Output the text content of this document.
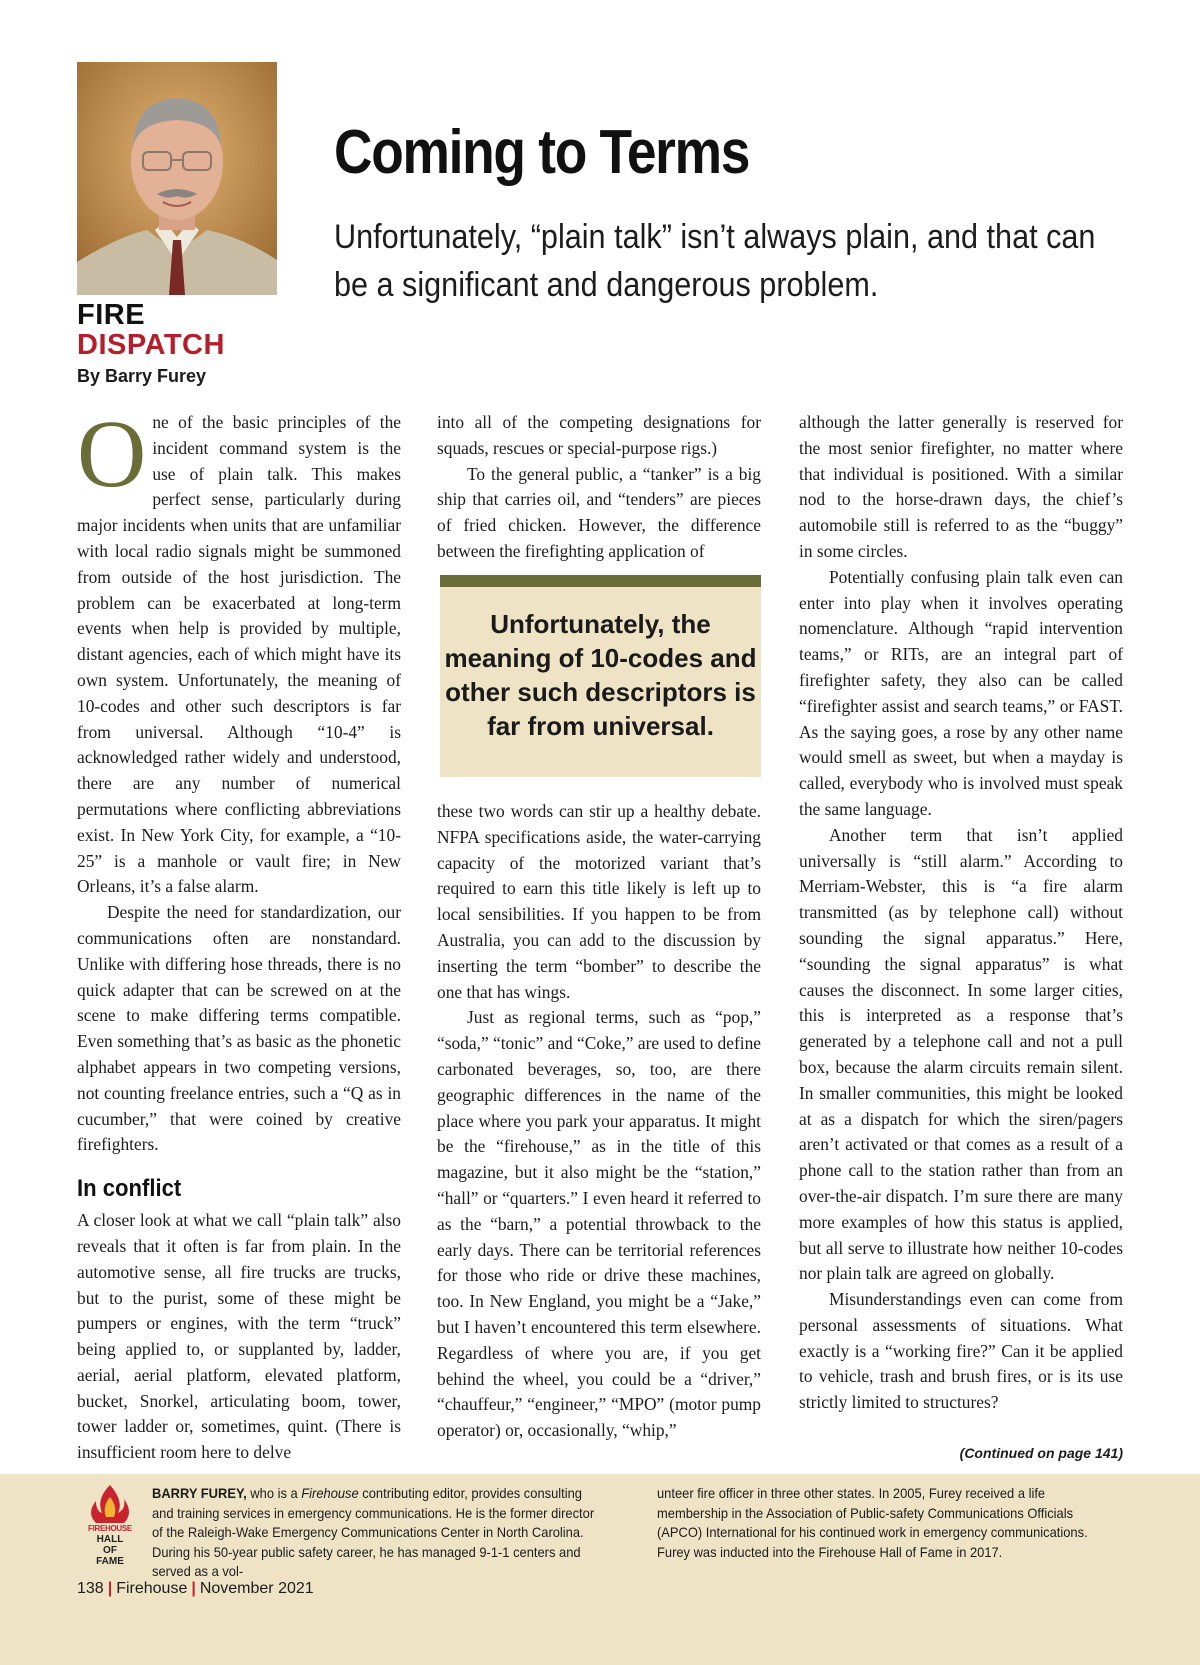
FIRE
DISPATCH
By Barry Furey
Coming to Terms
Unfortunately, “plain talk” isn’t always plain, and that can be a significant and dangerous problem.

One of the basic principles of the incident command system is the use of plain talk. This makes perfect sense, particularly during major incidents when units that are unfamiliar with local radio signals might be summoned from outside of the host jurisdiction. The problem can be exacerbated at long-term events when help is provided by multiple, distant agencies, each of which might have its own system. Unfortunately, the meaning of 10-codes and other such descriptors is far from universal. Although “10-4” is acknowledged rather widely and understood, there are any number of numerical permutations where conflicting abbreviations exist. In New York City, for example, a “10-25” is a manhole or vault fire; in New Orleans, it’s a false alarm.

Despite the need for standardization, our communications often are nonstandard. Unlike with differing hose threads, there is no quick adapter that can be screwed on at the scene to make differing terms compatible. Even something that’s as basic as the phonetic alphabet appears in two competing versions, not counting freelance entries, such a “Q as in cucumber,” that were coined by creative firefighters.

In conflict

A closer look at what we call “plain talk” also reveals that it often is far from plain. In the automotive sense, all fire trucks are trucks, but to the purist, some of these might be pumpers or engines, with the term “truck” being applied to, or supplanted by, ladder, aerial, aerial platform, elevated platform, bucket, Snorkel, articulating boom, tower, tower ladder or, sometimes, quint. (There is insufficient room here to delve

into all of the competing designations for squads, rescues or special-purpose rigs.)

To the general public, a “tanker” is a big ship that carries oil, and “tenders” are pieces of fried chicken. However, the difference between the firefighting application of

Unfortunately, the meaning of 10-codes and other such descriptors is far from universal.

these two words can stir up a healthy debate. NFPA specifications aside, the water-carrying capacity of the motorized variant that’s required to earn this title likely is left up to local sensibilities. If you happen to be from Australia, you can add to the discussion by inserting the term “bomber” to describe the one that has wings.

Just as regional terms, such as “pop,” “soda,” “tonic” and “Coke,” are used to define carbonated beverages, so, too, are there geographic differences in the name of the place where you park your apparatus. It might be the “firehouse,” as in the title of this magazine, but it also might be the “station,” “hall” or “quarters.” I even heard it referred to as the “barn,” a potential throwback to the early days. There can be territorial references for those who ride or drive these machines, too. In New England, you might be a “Jake,” but I haven’t encountered this term elsewhere. Regardless of where you are, if you get behind the wheel, you could be a “driver,” “chauffeur,” “engineer,” “MPO” (motor pump operator) or, occasionally, “whip,”

although the latter generally is reserved for the most senior firefighter, no matter where that individual is positioned. With a similar nod to the horse-drawn days, the chief’s automobile still is referred to as the “buggy” in some circles.

Potentially confusing plain talk even can enter into play when it involves operating nomenclature. Although “rapid intervention teams,” or RITs, are an integral part of firefighter safety, they also can be called “firefighter assist and search teams,” or FAST. As the saying goes, a rose by any other name would smell as sweet, but when a mayday is called, everybody who is involved must speak the same language.

Another term that isn’t applied universally is “still alarm.” According to Merriam-Webster, this is “a fire alarm transmitted (as by telephone call) without sounding the signal apparatus.” Here, “sounding the signal apparatus” is what causes the disconnect. In some larger cities, this is interpreted as a response that’s generated by a telephone call and not a pull box, because the alarm circuits remain silent. In smaller communities, this might be looked at as a dispatch for which the siren/pagers aren’t activated or that comes as a result of a phone call to the station rather than from an over-the-air dispatch. I’m sure there are many more examples of how this status is applied, but all serve to illustrate how neither 10-codes nor plain talk are agreed on globally.

Misunderstandings even can come from personal assessments of situations. What exactly is a “working fire?” Can it be applied to vehicle, trash and brush fires, or is its use strictly limited to structures?

(Continued on page 141)
FIREHOUSE
HALL
OF
FAME
BARRY FUREY, who is a Firehouse contributing editor, provides consulting and training services in emergency communications. He is the former director of the Raleigh-Wake Emergency Communications Center in North Carolina. During his 50-year public safety career, he has managed 9-1-1 centers and served as a vol-
unteer fire officer in three other states. In 2005, Furey received a life membership in the Association of Public-safety Communications Officials (APCO) International for his continued work in emergency communications. Furey was inducted into the Firehouse Hall of Fame in 2017.
138 | Firehouse | November 2021
